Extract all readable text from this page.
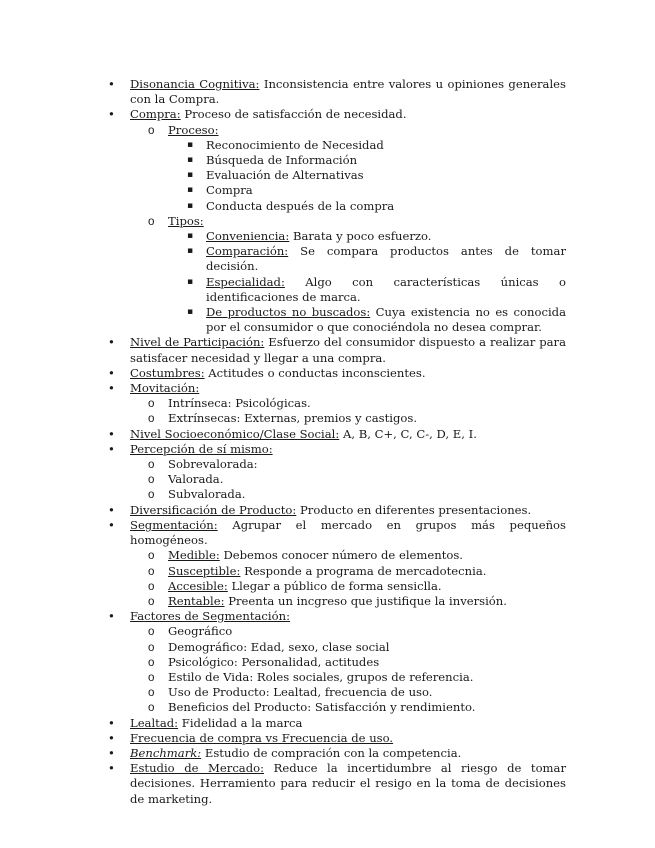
• Disonancia Cognitiva: Inconsistencia entre valores u opiniones generales con la Compra.
• Compra: Proceso de satisfacción de necesidad.
o Proceso:
▪ Reconocimiento de Necesidad
▪ Búsqueda de Información
▪ Evaluación de Alternativas
▪ Compra
▪ Conducta después de la compra
o Tipos:
▪ Conveniencia: Barata y poco esfuerzo.
▪ Comparación: Se compara productos antes de tomar decisión.
▪ Especialidad: Algo con características únicas o identificaciones de marca.
▪ De productos no buscados: Cuya existencia no es conocida por el consumidor o que conociéndola no desea comprar.
• Nivel de Participación: Esfuerzo del consumidor dispuesto a realizar para satisfacer necesidad y llegar a una compra.
• Costumbres: Actitudes o conductas inconscientes.
• Movitación:
o Intrínseca: Psicológicas.
o Extrínsecas: Externas, premios y castigos.
• Nivel Socioeconómico/Clase Social: A, B, C+, C, C-, D, E, I.
• Percepción de sí mismo:
o Sobrevalorada:
o Valorada.
o Subvalorada.
• Diversificación de Producto: Producto en diferentes presentaciones.
• Segmentación: Agrupar el mercado en grupos más pequeños homogéneos.
o Medible: Debemos conocer número de elementos.
o Susceptible: Responde a programa de mercadotecnia.
o Accesible: Llegar a público de forma sensiclla.
o Rentable: Preenta un incgreso que justifique la inversión.
• Factores de Segmentación:
o Geográfico
o Demográfico: Edad, sexo, clase social
o Psicológico: Personalidad, actitudes
o Estilo de Vida: Roles sociales, grupos de referencia.
o Uso de Producto: Lealtad, frecuencia de uso.
o Beneficios del Producto: Satisfacción y rendimiento.
• Lealtad: Fidelidad a la marca
• Frecuencia de compra vs Frecuencia de uso.
• Benchmark: Estudio de compración con la competencia.
• Estudio de Mercado: Reduce la incertidumbre al riesgo de tomar decisiones. Herramiento para reducir el resigo en la toma de decisiones de marketing.
